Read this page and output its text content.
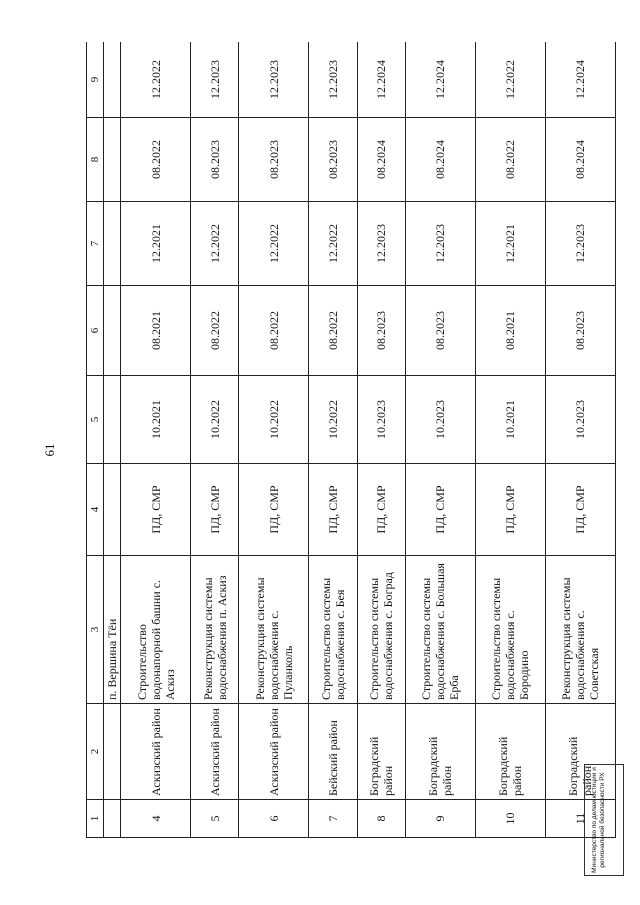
61
1	2	3	4	5	6	7	8	9
		п. Вершина Тёи						
4	Аскизский район	Строительство водонапорной башни с. Аскиз	ПД, СМР	10.2021	08.2021	12.2021	08.2022	12.2022
5	Аскизский район	Реконструкция системы водоснабжения п. Аскиз	ПД, СМР	10.2022	08.2022	12.2022	08.2023	12.2023
6	Аскизский район	Реконструкция системы водоснабжения с. Пуланколь	ПД, СМР	10.2022	08.2022	12.2022	08.2023	12.2023
7	Бейский район	Строительство системы водоснабжения с. Бея	ПД, СМР	10.2022	08.2022	12.2022	08.2023	12.2023
8	Боградский район	Строительство системы водоснабжения с. Боград	ПД, СМР	10.2023	08.2023	12.2023	08.2024	12.2024
9	Боградский район	Строительство системы водоснабжения с. Большая Ерба	ПД, СМР	10.2023	08.2023	12.2023	08.2024	12.2024
10	Боградский район	Строительство системы водоснабжения с. Бородино	ПД, СМР	10.2021	08.2021	12.2021	08.2022	12.2022
11	Боградский район	Реконструкция системы водоснабжения с. Советская	ПД, СМР	10.2023	08.2023	12.2023	08.2024	12.2024
Министерство по делам юстиции и региональной безопасности РХ
